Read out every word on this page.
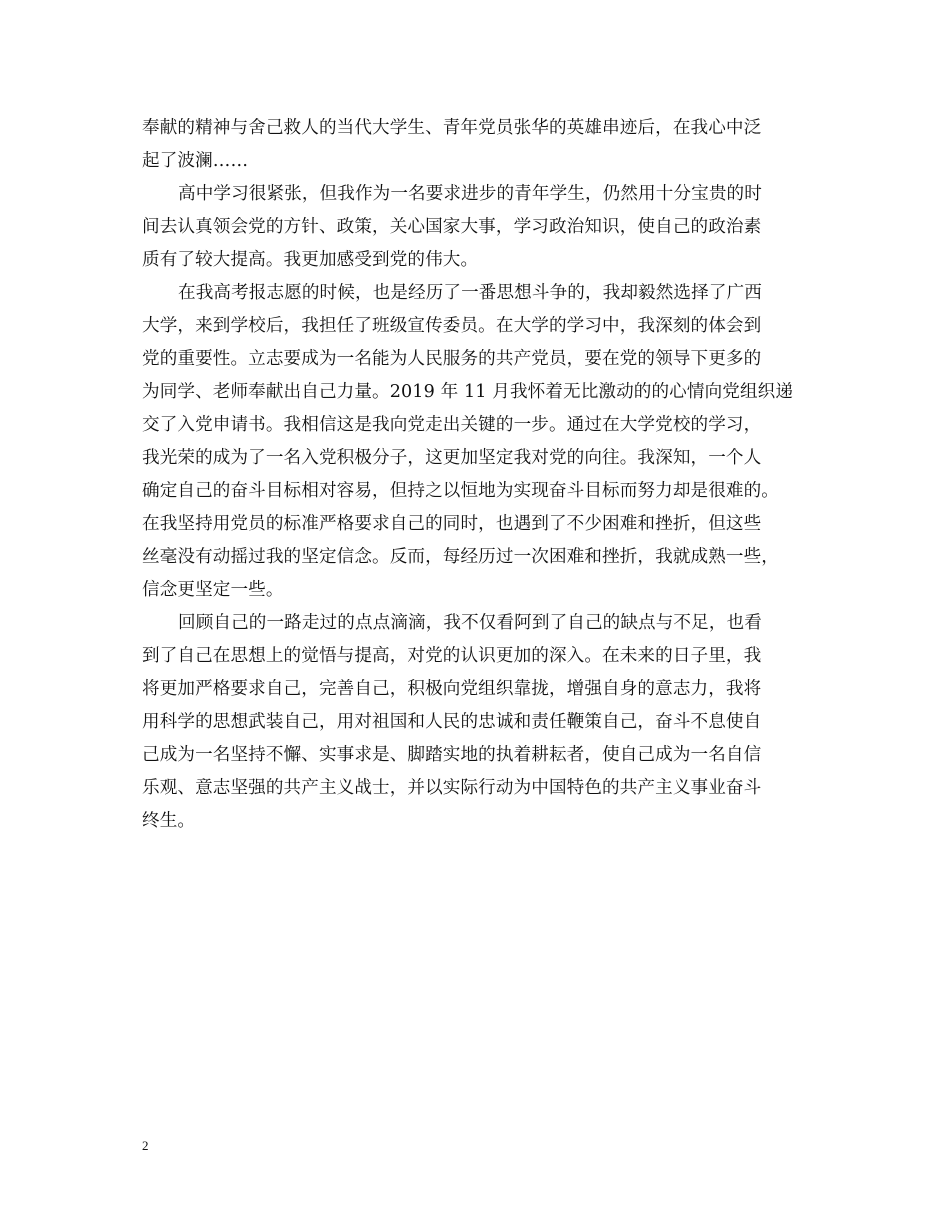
奉献的精神与舍己救人的当代大学生、青年党员张华的英雄串迹后，在我心中泛
起了波澜……
高中学习很紧张，但我作为一名要求进步的青年学生，仍然用十分宝贵的时
间去认真领会党的方针、政策，关心国家大事，学习政治知识，使自己的政治素
质有了较大提高。我更加感受到党的伟大。
在我高考报志愿的时候，也是经历了一番思想斗争的，我却毅然选择了广西
大学，来到学校后，我担任了班级宣传委员。在大学的学习中，我深刻的体会到
党的重要性。立志要成为一名能为人民服务的共产党员，要在党的领导下更多的
为同学、老师奉献出自己力量。2019 年 11 月我怀着无比激动的的心情向党组织递
交了入党申请书。我相信这是我向党走出关键的一步。通过在大学党校的学习，
我光荣的成为了一名入党积极分子，这更加坚定我对党的向往。我深知，一个人
确定自己的奋斗目标相对容易，但持之以恒地为实现奋斗目标而努力却是很难的。
在我坚持用党员的标准严格要求自己的同时，也遇到了不少困难和挫折，但这些
丝毫没有动摇过我的坚定信念。反而，每经历过一次困难和挫折，我就成熟一些，
信念更坚定一些。
回顾自己的一路走过的点点滴滴，我不仅看阿到了自己的缺点与不足，也看
到了自己在思想上的觉悟与提高，对党的认识更加的深入。在未来的日子里，我
将更加严格要求自己，完善自己，积极向党组织靠拢，增强自身的意志力，我将
用科学的思想武装自己，用对祖国和人民的忠诚和责任鞭策自己，奋斗不息使自
己成为一名坚持不懈、实事求是、脚踏实地的执着耕耘者，使自己成为一名自信
乐观、意志坚强的共产主义战士，并以实际行动为中国特色的共产主义事业奋斗
终生。
2
